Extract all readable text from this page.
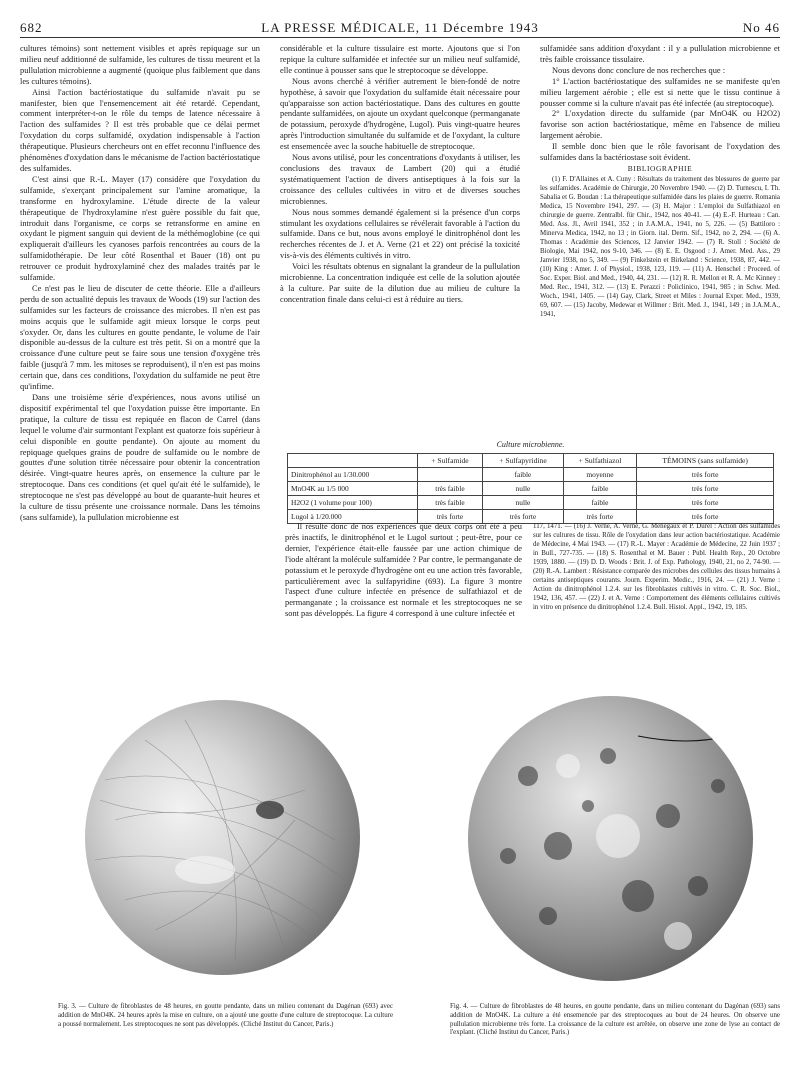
682	LA PRESSE MÉDICALE, 11 Décembre 1943	No 46

cultures témoins) sont nettement visibles et après repiquage sur un milieu neuf additionné de sulfamide, les cultures de tissu meurent et la pullulation microbienne a augmenté (quoique plus faiblement que dans les cultures témoins).

Ainsi l'action bactériostatique du sulfamide n'avait pu se manifester, bien que l'ensemencement ait été retardé. Cependant, comment interpréter-t-on le rôle du temps de latence nécessaire à l'action des sulfamides ? Il est très probable que ce délai permet l'oxydation du corps sulfamidé, oxydation indispensable à l'action thérapeutique. Plusieurs chercheurs ont en effet reconnu l'influence des phénomènes d'oxydation dans le mécanisme de l'action bactériostatique des sulfamides.

C'est ainsi que R.-L. Mayer (17) considère que l'oxydation du sulfamide, s'exerçant principalement sur l'amine aromatique, la transforme en hydroxylamine. L'étude directe de la valeur thérapeutique de l'hydroxylamine n'est guère possible du fait que, introduit dans l'organisme, ce corps se retransforme en amine en oxydant le pigment sanguin qui devient de la méthémoglobine (ce qui expliquerait d'ailleurs les cyanoses parfois rencontrées au cours de la sulfamidothérapie. De leur côté Rosenthal et Bauer (18) ont pu retrouver ce produit hydroxylaminé chez des malades traités par le sulfamide.

Ce n'est pas le lieu de discuter de cette théorie. Elle a d'ailleurs perdu de son actualité depuis les travaux de Woods (19) sur l'action des sulfamides sur les facteurs de croissance des microbes. Il n'en est pas moins acquis que le sulfamide agit mieux lorsque le corps peut s'oxyder. Or, dans les cultures en goutte pendante, le volume de l'air disponible au-dessus de la culture est très petit. Si on a montré que la croissance d'une culture peut se faire sous une tension d'oxygène très faible (jusqu'à 7 mm. les mitoses se reproduisent), il n'en est pas moins certain que, dans ces conditions, l'oxydation du sulfamide ne peut être qu'infime.

Dans une troisième série d'expériences, nous avons utilisé un dispositif expérimental tel que l'oxydation puisse être importante. En pratique, la culture de tissu est repiquée en flacon de Carrel (dans lequel le volume d'air surmontant l'explant est quatorze fois supérieur à celui disponible en goutte pendante). On ajoute au moment du repiquage quelques grains de poudre de sulfamide ou le nombre de gouttes d'une solution titrée nécessaire pour obtenir la concentration désirée. Vingt-quatre heures après, on ensemence la culture par le streptocoque. Dans ces conditions (et quel qu'ait été le sulfamide), le streptocoque ne s'est pas développé au bout de quarante-huit heures et la culture de tissu présente une croissance normale. Dans les témoins (sans sulfamide), la pullulation microbienne est

considérable et la culture tissulaire est morte. Ajoutons que si l'on repique la culture sulfamidée et infectée sur un milieu neuf sulfamidé, elle continue à pousser sans que le streptocoque se développe.

Nous avons cherché à vérifier autrement le bien-fondé de notre hypothèse, à savoir que l'oxydation du sulfamide était nécessaire pour qu'apparaisse son action bactériostatique. Dans des cultures en goutte pendante sulfamidées, on ajoute un oxydant quelconque (permanganate de potassium, peroxyde d'hydrogène, Lugol). Puis vingt-quatre heures après l'introduction simultanée du sulfamide et de l'oxydant, la culture est ensemencée avec la souche habituelle de streptocoque.

Nous avons utilisé, pour les concentrations d'oxydants à utiliser, les conclusions des travaux de Lambert (20) qui a étudié systématiquement l'action de divers antiseptiques à la fois sur la croissance des cellules cultivées in vitro et de diverses souches microbiennes.

Nous nous sommes demandé également si la présence d'un corps stimulant les oxydations cellulaires se révélerait favorable à l'action du sulfamide. Dans ce but, nous avons employé le dinitrophénol dont les recherches récentes de J. et A. Verne (21 et 22) ont précisé la toxicité vis-à-vis des éléments cultivés in vitro.

Voici les résultats obtenus en signalant la grandeur de la pullulation microbienne. La concentration indiquée est celle de la solution ajoutée à la culture. Par suite de la dilution due au milieu de culture la concentration finale dans celui-ci est à réduire au tiers.

sulfamidée sans addition d'oxydant : il y a pullulation microbienne et très faible croissance tissulaire.

Nous devons donc conclure de nos recherches que :

1° L'action bactériostatique des sulfamides ne se manifeste qu'en milieu largement aérobie ; elle est si nette que le tissu continue à pousser comme si la culture n'avait pas été infectée (au streptocoque).

2° L'oxydation directe du sulfamide (par MnO4K ou H2O2) favorise son action bactériostatique, même en l'absence de milieu largement aérobie.

Il semble donc bien que le rôle favorisant de l'oxydation des sulfamides dans la bactériostase soit évident.

BIBLIOGRAPHIE

(1) F. D'Allaines et A. Cuny : Résultats du traitement des blessures de guerre par les sulfamides. Académie de Chirurgie, 20 Novembre 1940. — (2) D. Turnescu, I. Th. Sabalia et G. Boudan : La thérapeutique sulfamidée dans les plaies de guerre. Romania Medica, 15 Novembre 1941, 297. — (3) H. Major : L'emploi du Sulfathiazol en chirurgie de guerre. Zentralbl. für Chir., 1942, nos 40-41. — (4) E.-F. Hurteau : Can. Med. Ass. Jl., Avril 1941, 352 ; in J.A.M.A., 1941, no 5, 226. — (5) Battiloro : Minerva Medica, 1942, no 13 ; in Giorn. ital. Derm. Sif., 1942, no 2, 294. — (6) A. Thomas : Académie des Sciences, 12 Janvier 1942. — (7) R. Stoll : Société de Biologie, Mai 1942, nos 9-10, 346. — (8) E. E. Osgood : J. Amer. Med. Ass., 29 Janvier 1938, no 5, 349. — (9) Finkelstein et Birkeland : Science, 1938, 87, 442. — (10) King : Amer. J. of Physiol., 1938, 123, 119. — (11) A. Henschel : Proceed. of Soc. Exper. Biol. and Med., 1940, 44, 231. — (12) R. R. Mellon et R. A. Mc Kinney : Med. Rec., 1941, 312. — (13) E. Perazzi : Policlinico, 1941, 985 ; in Schw. Med. Woch., 1941, 1405. — (14) Gay, Clark, Street et Miles : Journal Exper. Med., 1939, 69, 607. — (15) Jacoby, Medewar et Willmer : Brit. Med. J., 1941, 149 ; in J.A.M.A., 1941,

Culture microbienne.
	+ Sulfamide	+ Sulfapyridine	+ Sulfathiazol	TÉMOINS (sans sulfamide)
Dinitrophénol au 1/30.000		faible	moyenne	très forte
MnO4K au 1/5 000	très faible	nulle	faible	très forte
H2O2 (1 volume pour 100)	très faible	nulle	faible	très forte
Lugol à 1/20.000	très forte	très forte	très forte	très forte

Il résulte donc de nos expériences que deux corps ont été à peu près inactifs, le dinitrophénol et le Lugol surtout ; peut-être, pour ce dernier, l'expérience était-elle faussée par une action chimique de l'iode altérant la molécule sulfamidée ? Par contre, le permanganate de potassium et le peroxyde d'hydrogène ont eu une action très favorable, particulièrement avec la sulfapyridine (693). La figure 3 montre l'aspect d'une culture infectée en présence de sulfathiazol et de permanganate ; la croissance est normale et les streptocoques ne se sont pas développés. La figure 4 correspond à une culture infectée et

117, 1471. — (16) J. Verne, A. Verne, G. Menegaux et P. Durel : Action des sulfamides sur les cultures de tissu. Rôle de l'oxydation dans leur action bactériostatique. Académie de Médecine, 4 Mai 1943. — (17) R.-L. Mayer : Académie de Médecine, 22 Juin 1937 ; in Bull., 727-735. — (18) S. Rosenthal et M. Bauer : Publ. Health Rep., 20 Octobre 1939, 1880. — (19) D. D. Woods : Brit. J. of Exp. Pathology, 1940, 21, no 2, 74-90. — (20) R.-A. Lambert : Résistance comparée des microbes des cellules des tissus humains à certains antiseptiques courants. Journ. Experim. Medic., 1916, 24. — (21) J. Verne : Action du dinitrophénol 1.2.4. sur les fibroblastes cultivés in vitro. C. R. Soc. Biol., 1942, 136, 457. — (22) J. et A. Verne : Comportement des éléments cellulaires cultivés in vitro en présence du dinitrophénol 1.2.4. Bull. Histol. Appl., 1942, 19, 185.

Fig. 3. — Culture de fibroblastes de 48 heures, en goutte pendante, dans un milieu contenant du Dagénan (693) avec addition de MnO4K. 24 heures après la mise en culture, on a ajouté une goutte d'une culture de streptocoque. La culture a poussé normalement. Les streptocoques ne sont pas développés. (Cliché Institut du Cancer, Paris.)
Fig. 4. — Culture de fibroblastes de 48 heures, en goutte pendante, dans un milieu contenant du Dagénan (693) sans addition de MnO4K. La culture a été ensemencée par des streptocoques au bout de 24 heures. On observe une pullulation microbienne très forte. La croissance de la culture est arrêtée, on observe une zone de lyse au contact de l'explant. (Cliché Institut du Cancer, Paris.)
